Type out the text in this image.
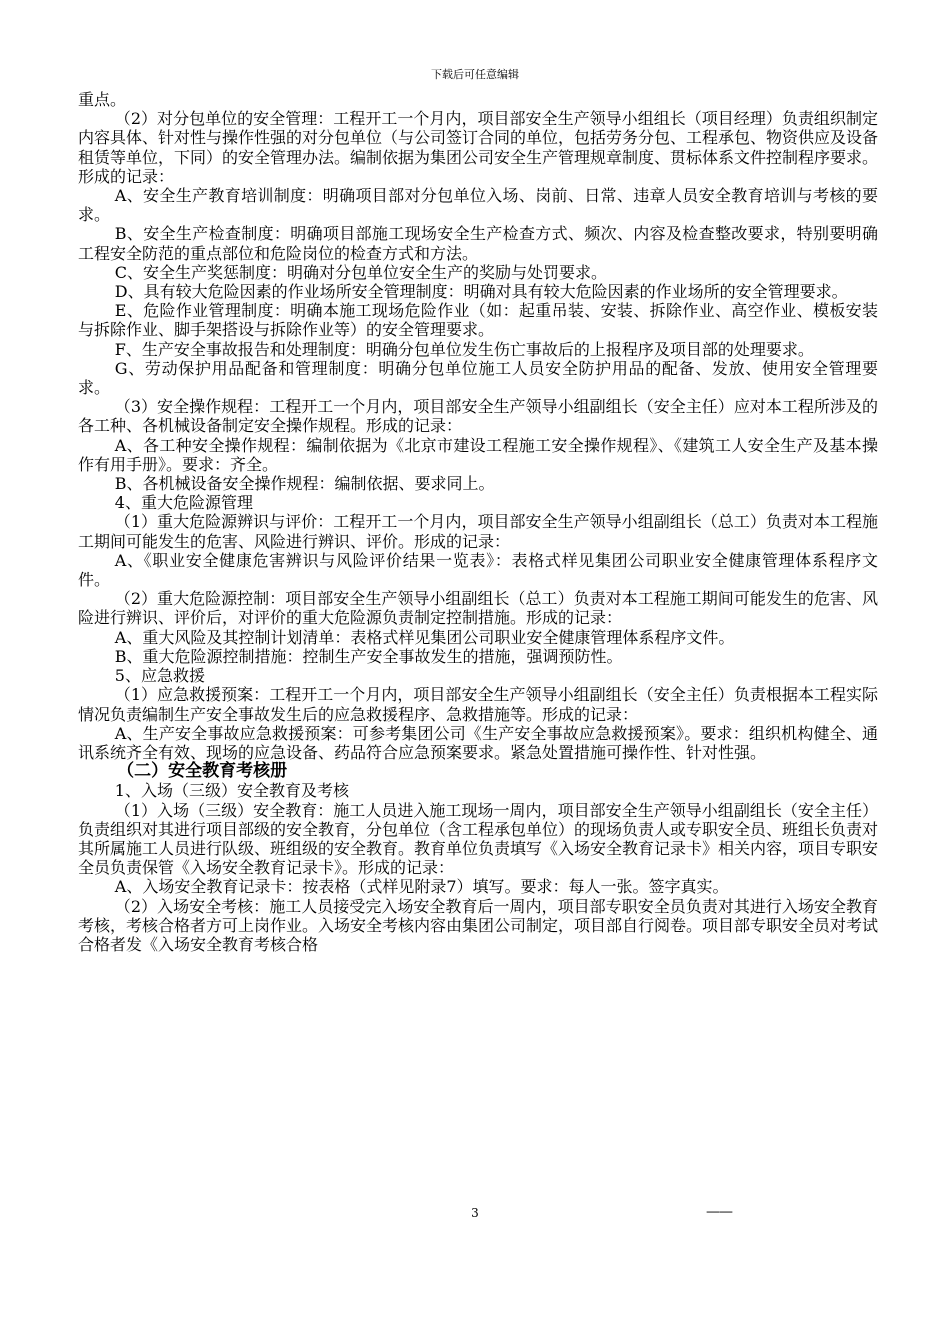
下载后可任意编辑

重点。

（2）对分包单位的安全管理：工程开工一个月内，项目部安全生产领导小组组长（项目经理）负责组织制定内容具体、针对性与操作性强的对分包单位（与公司签订合同的单位，包括劳务分包、工程承包、物资供应及设备租赁等单位，下同）的安全管理办法。编制依据为集团公司安全生产管理规章制度、贯标体系文件控制程序要求。形成的记录：

A、安全生产教育培训制度：明确项目部对分包单位入场、岗前、日常、违章人员安全教育培训与考核的要求。

B、安全生产检查制度：明确项目部施工现场安全生产检查方式、频次、内容及检查整改要求，特别要明确工程安全防范的重点部位和危险岗位的检查方式和方法。

C、安全生产奖惩制度：明确对分包单位安全生产的奖励与处罚要求。

D、具有较大危险因素的作业场所安全管理制度：明确对具有较大危险因素的作业场所的安全管理要求。

E、危险作业管理制度：明确本施工现场危险作业（如：起重吊装、安装、拆除作业、高空作业、模板安装与拆除作业、脚手架搭设与拆除作业等）的安全管理要求。

F、生产安全事故报告和处理制度：明确分包单位发生伤亡事故后的上报程序及项目部的处理要求。

G、劳动保护用品配备和管理制度：明确分包单位施工人员安全防护用品的配备、发放、使用安全管理要求。

（3）安全操作规程：工程开工一个月内，项目部安全生产领导小组副组长（安全主任）应对本工程所涉及的各工种、各机械设备制定安全操作规程。形成的记录：

A、各工种安全操作规程：编制依据为《北京市建设工程施工安全操作规程》、《建筑工人安全生产及基本操作有用手册》。要求：齐全。

B、各机械设备安全操作规程：编制依据、要求同上。

4、重大危险源管理

（1）重大危险源辨识与评价：工程开工一个月内，项目部安全生产领导小组副组长（总工）负责对本工程施工期间可能发生的危害、风险进行辨识、评价。形成的记录：

A、《职业安全健康危害辨识与风险评价结果一览表》：表格式样见集团公司职业安全健康管理体系程序文件。

（2）重大危险源控制：项目部安全生产领导小组副组长（总工）负责对本工程施工期间可能发生的危害、风险进行辨识、评价后，对评价的重大危险源负责制定控制措施。形成的记录：

A、重大风险及其控制计划清单：表格式样见集团公司职业安全健康管理体系程序文件。

B、重大危险源控制措施：控制生产安全事故发生的措施，强调预防性。

5、应急救援

（1）应急救援预案：工程开工一个月内，项目部安全生产领导小组副组长（安全主任）负责根据本工程实际情况负责编制生产安全事故发生后的应急救援程序、急救措施等。形成的记录：

A、生产安全事故应急救援预案：可参考集团公司《生产安全事故应急救援预案》。要求：组织机构健全、通讯系统齐全有效、现场的应急设备、药品符合应急预案要求。紧急处置措施可操作性、针对性强。

（二）安全教育考核册

1、入场（三级）安全教育及考核

（1）入场（三级）安全教育：施工人员进入施工现场一周内，项目部安全生产领导小组副组长（安全主任）负责组织对其进行项目部级的安全教育，分包单位（含工程承包单位）的现场负责人或专职安全员、班组长负责对其所属施工人员进行队级、班组级的安全教育。教育单位负责填写《入场安全教育记录卡》相关内容，项目专职安全员负责保管《入场安全教育记录卡》。形成的记录：

A、入场安全教育记录卡：按表格（式样见附录7）填写。要求：每人一张。签字真实。

（2）入场安全考核：施工人员接受完入场安全教育后一周内，项目部专职安全员负责对其进行入场安全教育考核，考核合格者方可上岗作业。入场安全考核内容由集团公司制定，项目部自行阅卷。项目部专职安全员对考试合格者发《入场安全教育考核合格

3	——
